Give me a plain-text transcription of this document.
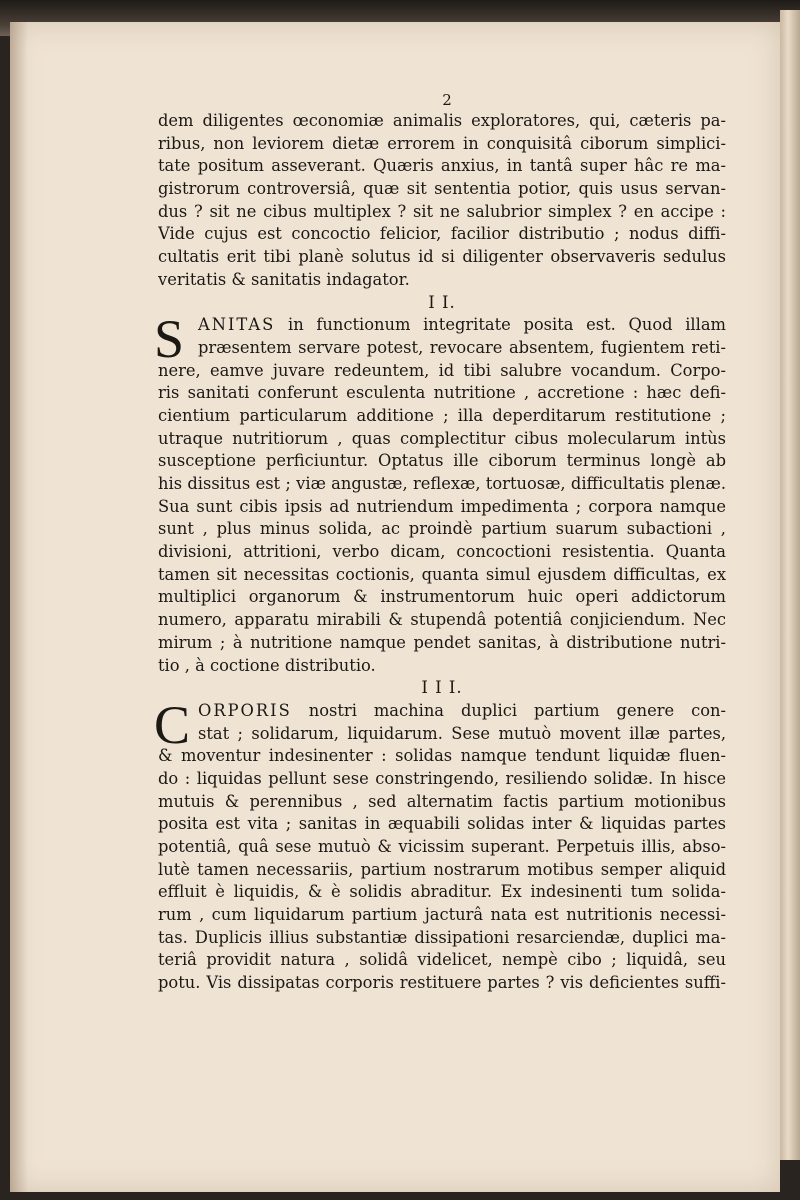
2
dem diligentes œconomiæ animalis exploratores, qui, cæteris pa-
ribus, non leviorem dietæ errorem in conquisitâ ciborum simplici-
tate positum asseverant. Quæris anxius, in tantâ super hâc re ma-
gistrorum controversiâ, quæ sit sententia potior, quis usus servan-
dus ? sit ne cibus multiplex ? sit ne salubrior simplex ? en accipe :
Vide cujus est concoctio felicior, facilior distributio ; nodus diffi-
cultatis erit tibi planè solutus id si diligenter observaveris sedulus
veritatis & sanitatis indagator.
I I.
S ANITAS in functionum integritate posita est. Quod illam
præsentem servare potest, revocare absentem, fugientem reti-
nere, eamve juvare redeuntem, id tibi salubre vocandum. Corpo-
ris sanitati conferunt esculenta nutritione , accretione : hæc defi-
cientium particularum additione ; illa deperditarum restitutione ;
utraque nutritiorum , quas complectitur cibus molecularum intùs
susceptione perficiuntur. Optatus ille ciborum terminus longè ab
his dissitus est ; viæ angustæ, reflexæ, tortuosæ, difficultatis plenæ.
Sua sunt cibis ipsis ad nutriendum impedimenta ; corpora namque
sunt , plus minus solida, ac proindè partium suarum subactioni ,
divisioni, attritioni, verbo dicam, concoctioni resistentia. Quanta
tamen sit necessitas coctionis, quanta simul ejusdem difficultas, ex
multiplici organorum & instrumentorum huic operi addictorum
numero, apparatu mirabili & stupendâ potentiâ conjiciendum. Nec
mirum ; à nutritione namque pendet sanitas, à distributione nutri-
tio , à coctione distributio.
I I I.
C ORPORIS nostri machina duplici partium genere con-
stat ; solidarum, liquidarum. Sese mutuò movent illæ partes,
& moventur indesinenter : solidas namque tendunt liquidæ fluen-
do : liquidas pellunt sese constringendo, resiliendo solidæ. In hisce
mutuis & perennibus , sed alternatim factis partium motionibus
posita est vita ; sanitas in æquabili solidas inter & liquidas partes
potentiâ, quâ sese mutuò & vicissim superant. Perpetuis illis, abso-
lutè tamen necessariis, partium nostrarum motibus semper aliquid
effluit è liquidis, & è solidis abraditur. Ex indesinenti tum solida-
rum , cum liquidarum partium jacturâ nata est nutritionis necessi-
tas. Duplicis illius substantiæ dissipationi resarciendæ, duplici ma-
teriâ providit natura , solidâ videlicet, nempè cibo ; liquidâ, seu
potu. Vis dissipatas corporis restituere partes ? vis deficientes suffi-
